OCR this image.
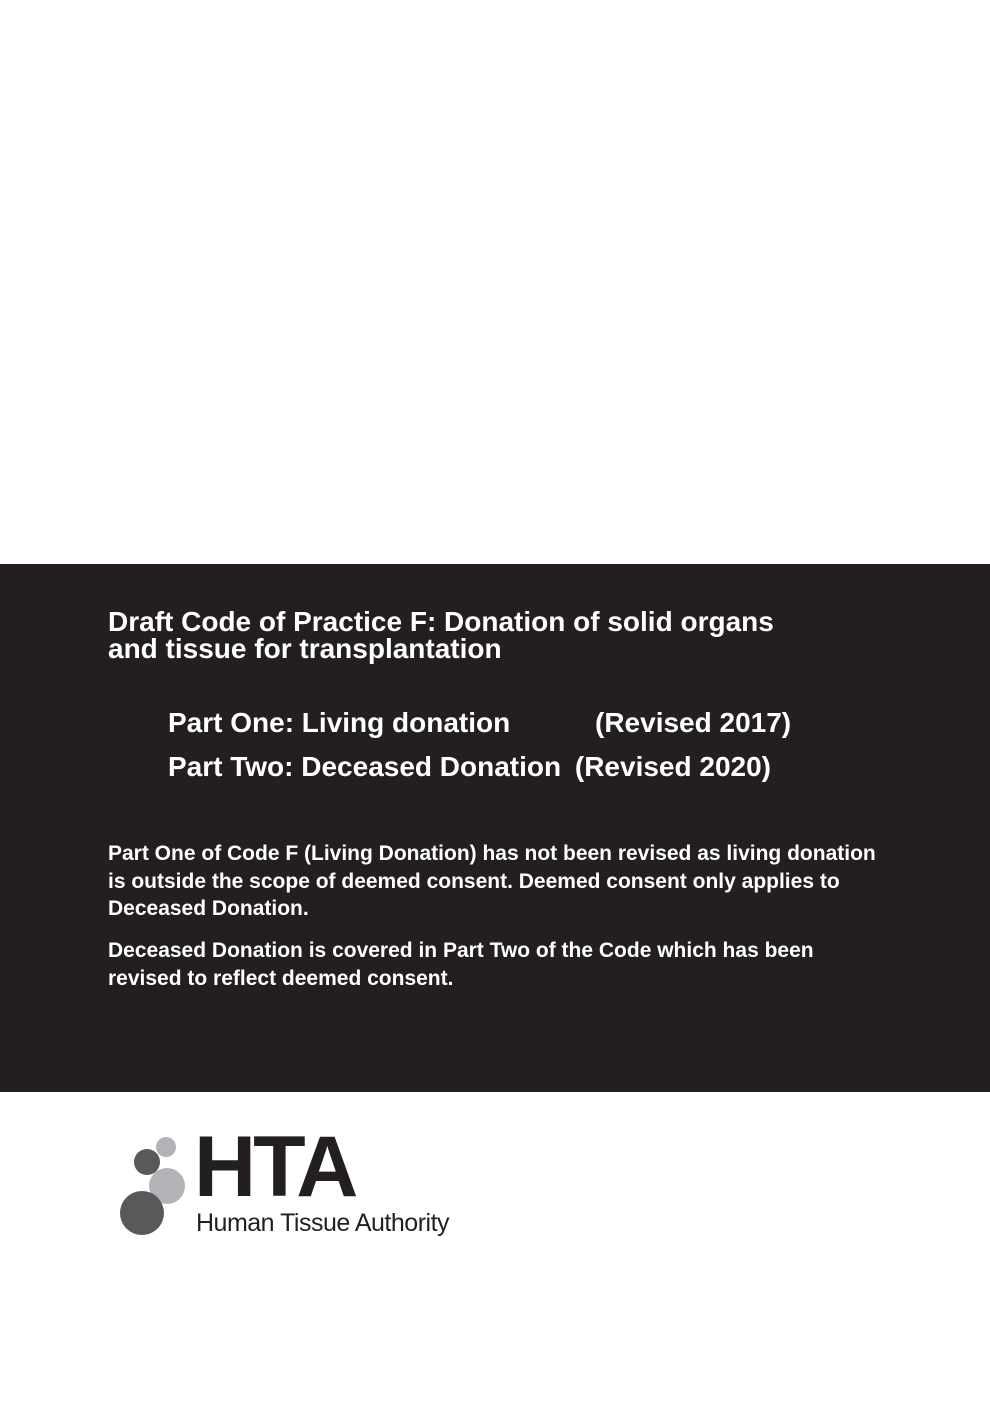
Draft Code of Practice F: Donation of solid organs
and tissue for transplantation
Part One: Living donation	(Revised 2017)
Part Two: Deceased Donation (Revised 2020)

Part One of Code F (Living Donation) has not been revised as living donation is outside the scope of deemed consent. Deemed consent only applies to Deceased Donation.

Deceased Donation is covered in Part Two of the Code which has been revised to reflect deemed consent.

HTA
Human Tissue Authority
